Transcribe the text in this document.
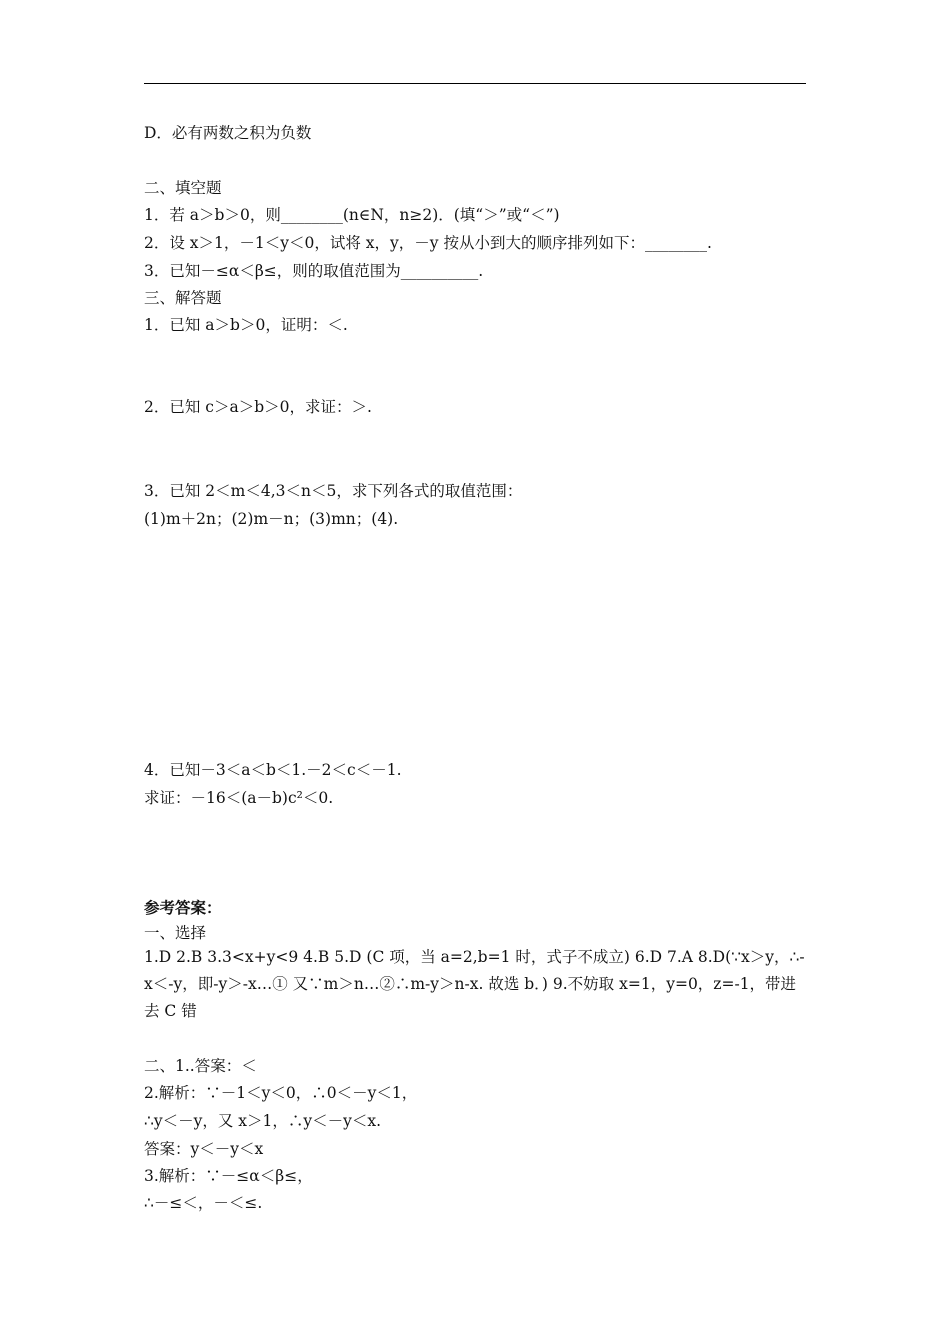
D．必有两数之积为负数
二、填空题
1．若 a＞b＞0，则________(n∈N，n≥2)．(填“＞”或“＜”)
2．设 x＞1，－1＜y＜0，试将 x，y，－y 按从小到大的顺序排列如下：________.
3．已知－≤α＜β≤，则的取值范围为__________.
三、解答题
1．已知 a＞b＞0，证明：＜.
2．已知 c＞a＞b＞0，求证：＞.
3．已知 2＜m＜4,3＜n＜5，求下列各式的取值范围：
(1)m＋2n；(2)m－n；(3)mn；(4).
4．已知－3＜a＜b＜1.－2＜c＜－1.
求证：－16＜(a－b)c²＜0.
参考答案：
一、选择
1.D 2.B 3.3<x+y<9 4.B 5.D (C 项，当 a=2,b=1 时，式子不成立) 6.D 7.A 8.D(∵x＞y，∴-x＜-y，即-y＞-x…① 又∵m＞n…②∴m-y＞n-x. 故选 b．) 9.不妨取 x=1，y=0，z=-1，带进去 C 错
二、1..答案：＜
2.解析：∵－1＜y＜0，∴0＜－y＜1，
∴y＜－y，又 x＞1，∴y＜－y＜x.
答案：y＜－y＜x
3.解析：∵－≤α＜β≤，
∴－≤＜，－＜≤.
